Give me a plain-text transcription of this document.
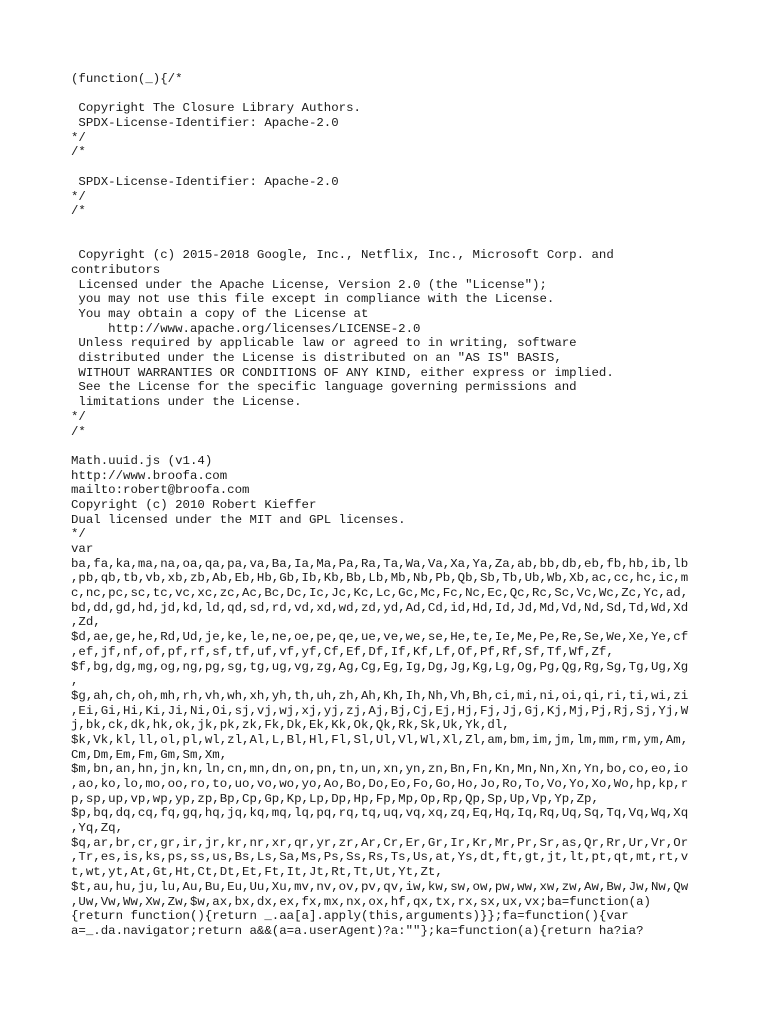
(function(_){/*
Copyright The Closure Library Authors.
SPDX-License-Identifier: Apache-2.0
*/
/*
SPDX-License-Identifier: Apache-2.0
*/
/*
Copyright (c) 2015-2018 Google, Inc., Netflix, Inc., Microsoft Corp. and
contributors
Licensed under the Apache License, Version 2.0 (the "License");
you may not use this file except in compliance with the License.
You may obtain a copy of the License at
http://www.apache.org/licenses/LICENSE-2.0
Unless required by applicable law or agreed to in writing, software
distributed under the License is distributed on an "AS IS" BASIS,
WITHOUT WARRANTIES OR CONDITIONS OF ANY KIND, either express or implied.
See the License for the specific language governing permissions and
limitations under the License.
*/
/*
Math.uuid.js (v1.4)
http://www.broofa.com
mailto:robert@broofa.com
Copyright (c) 2010 Robert Kieffer
Dual licensed under the MIT and GPL licenses.
*/
var
ba,fa,ka,ma,na,oa,qa,pa,va,Ba,Ia,Ma,Pa,Ra,Ta,Wa,Va,Xa,Ya,Za,ab,bb,db,eb,fb,hb,ib,lb
,pb,qb,tb,vb,xb,zb,Ab,Eb,Hb,Gb,Ib,Kb,Bb,Lb,Mb,Nb,Pb,Qb,Sb,Tb,Ub,Wb,Xb,ac,cc,hc,ic,m
c,nc,pc,sc,tc,vc,xc,zc,Ac,Bc,Dc,Ic,Jc,Kc,Lc,Gc,Mc,Fc,Nc,Ec,Qc,Rc,Sc,Vc,Wc,Zc,Yc,ad,
bd,dd,gd,hd,jd,kd,ld,qd,sd,rd,vd,xd,wd,zd,yd,Ad,Cd,id,Hd,Id,Jd,Md,Vd,Nd,Sd,Td,Wd,Xd
,Zd,
$d,ae,ge,he,Rd,Ud,je,ke,le,ne,oe,pe,qe,ue,ve,we,se,He,te,Ie,Me,Pe,Re,Se,We,Xe,Ye,cf
,ef,jf,nf,of,pf,rf,sf,tf,uf,vf,yf,Cf,Ef,Df,If,Kf,Lf,Of,Pf,Rf,Sf,Tf,Wf,Zf,
$f,bg,dg,mg,og,ng,pg,sg,tg,ug,vg,zg,Ag,Cg,Eg,Ig,Dg,Jg,Kg,Lg,Og,Pg,Qg,Rg,Sg,Tg,Ug,Xg
,
$g,ah,ch,oh,mh,rh,vh,wh,xh,yh,th,uh,zh,Ah,Kh,Ih,Nh,Vh,Bh,ci,mi,ni,oi,qi,ri,ti,wi,zi
,Ei,Gi,Hi,Ki,Ji,Ni,Oi,sj,vj,wj,xj,yj,zj,Aj,Bj,Cj,Ej,Hj,Fj,Jj,Gj,Kj,Mj,Pj,Rj,Sj,Yj,W
j,bk,ck,dk,hk,ok,jk,pk,zk,Fk,Dk,Ek,Kk,Ok,Qk,Rk,Sk,Uk,Yk,dl,
$k,Vk,kl,ll,ol,pl,wl,zl,Al,L,Bl,Hl,Fl,Sl,Ul,Vl,Wl,Xl,Zl,am,bm,im,jm,lm,mm,rm,ym,Am,
Cm,Dm,Em,Fm,Gm,Sm,Xm,
$m,bn,an,hn,jn,kn,ln,cn,mn,dn,on,pn,tn,un,xn,yn,zn,Bn,Fn,Kn,Mn,Nn,Xn,Yn,bo,co,eo,io
,ao,ko,lo,mo,oo,ro,to,uo,vo,wo,yo,Ao,Bo,Do,Eo,Fo,Go,Ho,Jo,Ro,To,Vo,Yo,Xo,Wo,hp,kp,r
p,sp,up,vp,wp,yp,zp,Bp,Cp,Gp,Kp,Lp,Dp,Hp,Fp,Mp,Op,Rp,Qp,Sp,Up,Vp,Yp,Zp,
$p,bq,dq,cq,fq,gq,hq,jq,kq,mq,lq,pq,rq,tq,uq,vq,xq,zq,Eq,Hq,Iq,Rq,Uq,Sq,Tq,Vq,Wq,Xq
,Yq,Zq,
$q,ar,br,cr,gr,ir,jr,kr,nr,xr,qr,yr,zr,Ar,Cr,Er,Gr,Ir,Kr,Mr,Pr,Sr,as,Qr,Rr,Ur,Vr,Or
,Tr,es,is,ks,ps,ss,us,Bs,Ls,Sa,Ms,Ps,Ss,Rs,Ts,Us,at,Ys,dt,ft,gt,jt,lt,pt,qt,mt,rt,v
t,wt,yt,At,Gt,Ht,Ct,Dt,Et,Ft,It,Jt,Rt,Tt,Ut,Yt,Zt,
$t,au,hu,ju,lu,Au,Bu,Eu,Uu,Xu,mv,nv,ov,pv,qv,iw,kw,sw,ow,pw,ww,xw,zw,Aw,Bw,Jw,Nw,Qw
,Uw,Vw,Ww,Xw,Zw,$w,ax,bx,dx,ex,fx,mx,nx,ox,hf,qx,tx,rx,sx,ux,vx;ba=function(a)
{return function(){return _.aa[a].apply(this,arguments)}};fa=function(){var
a=_.da.navigator;return a&&(a=a.userAgent)?a:""};ka=function(a){return ha?ia?
